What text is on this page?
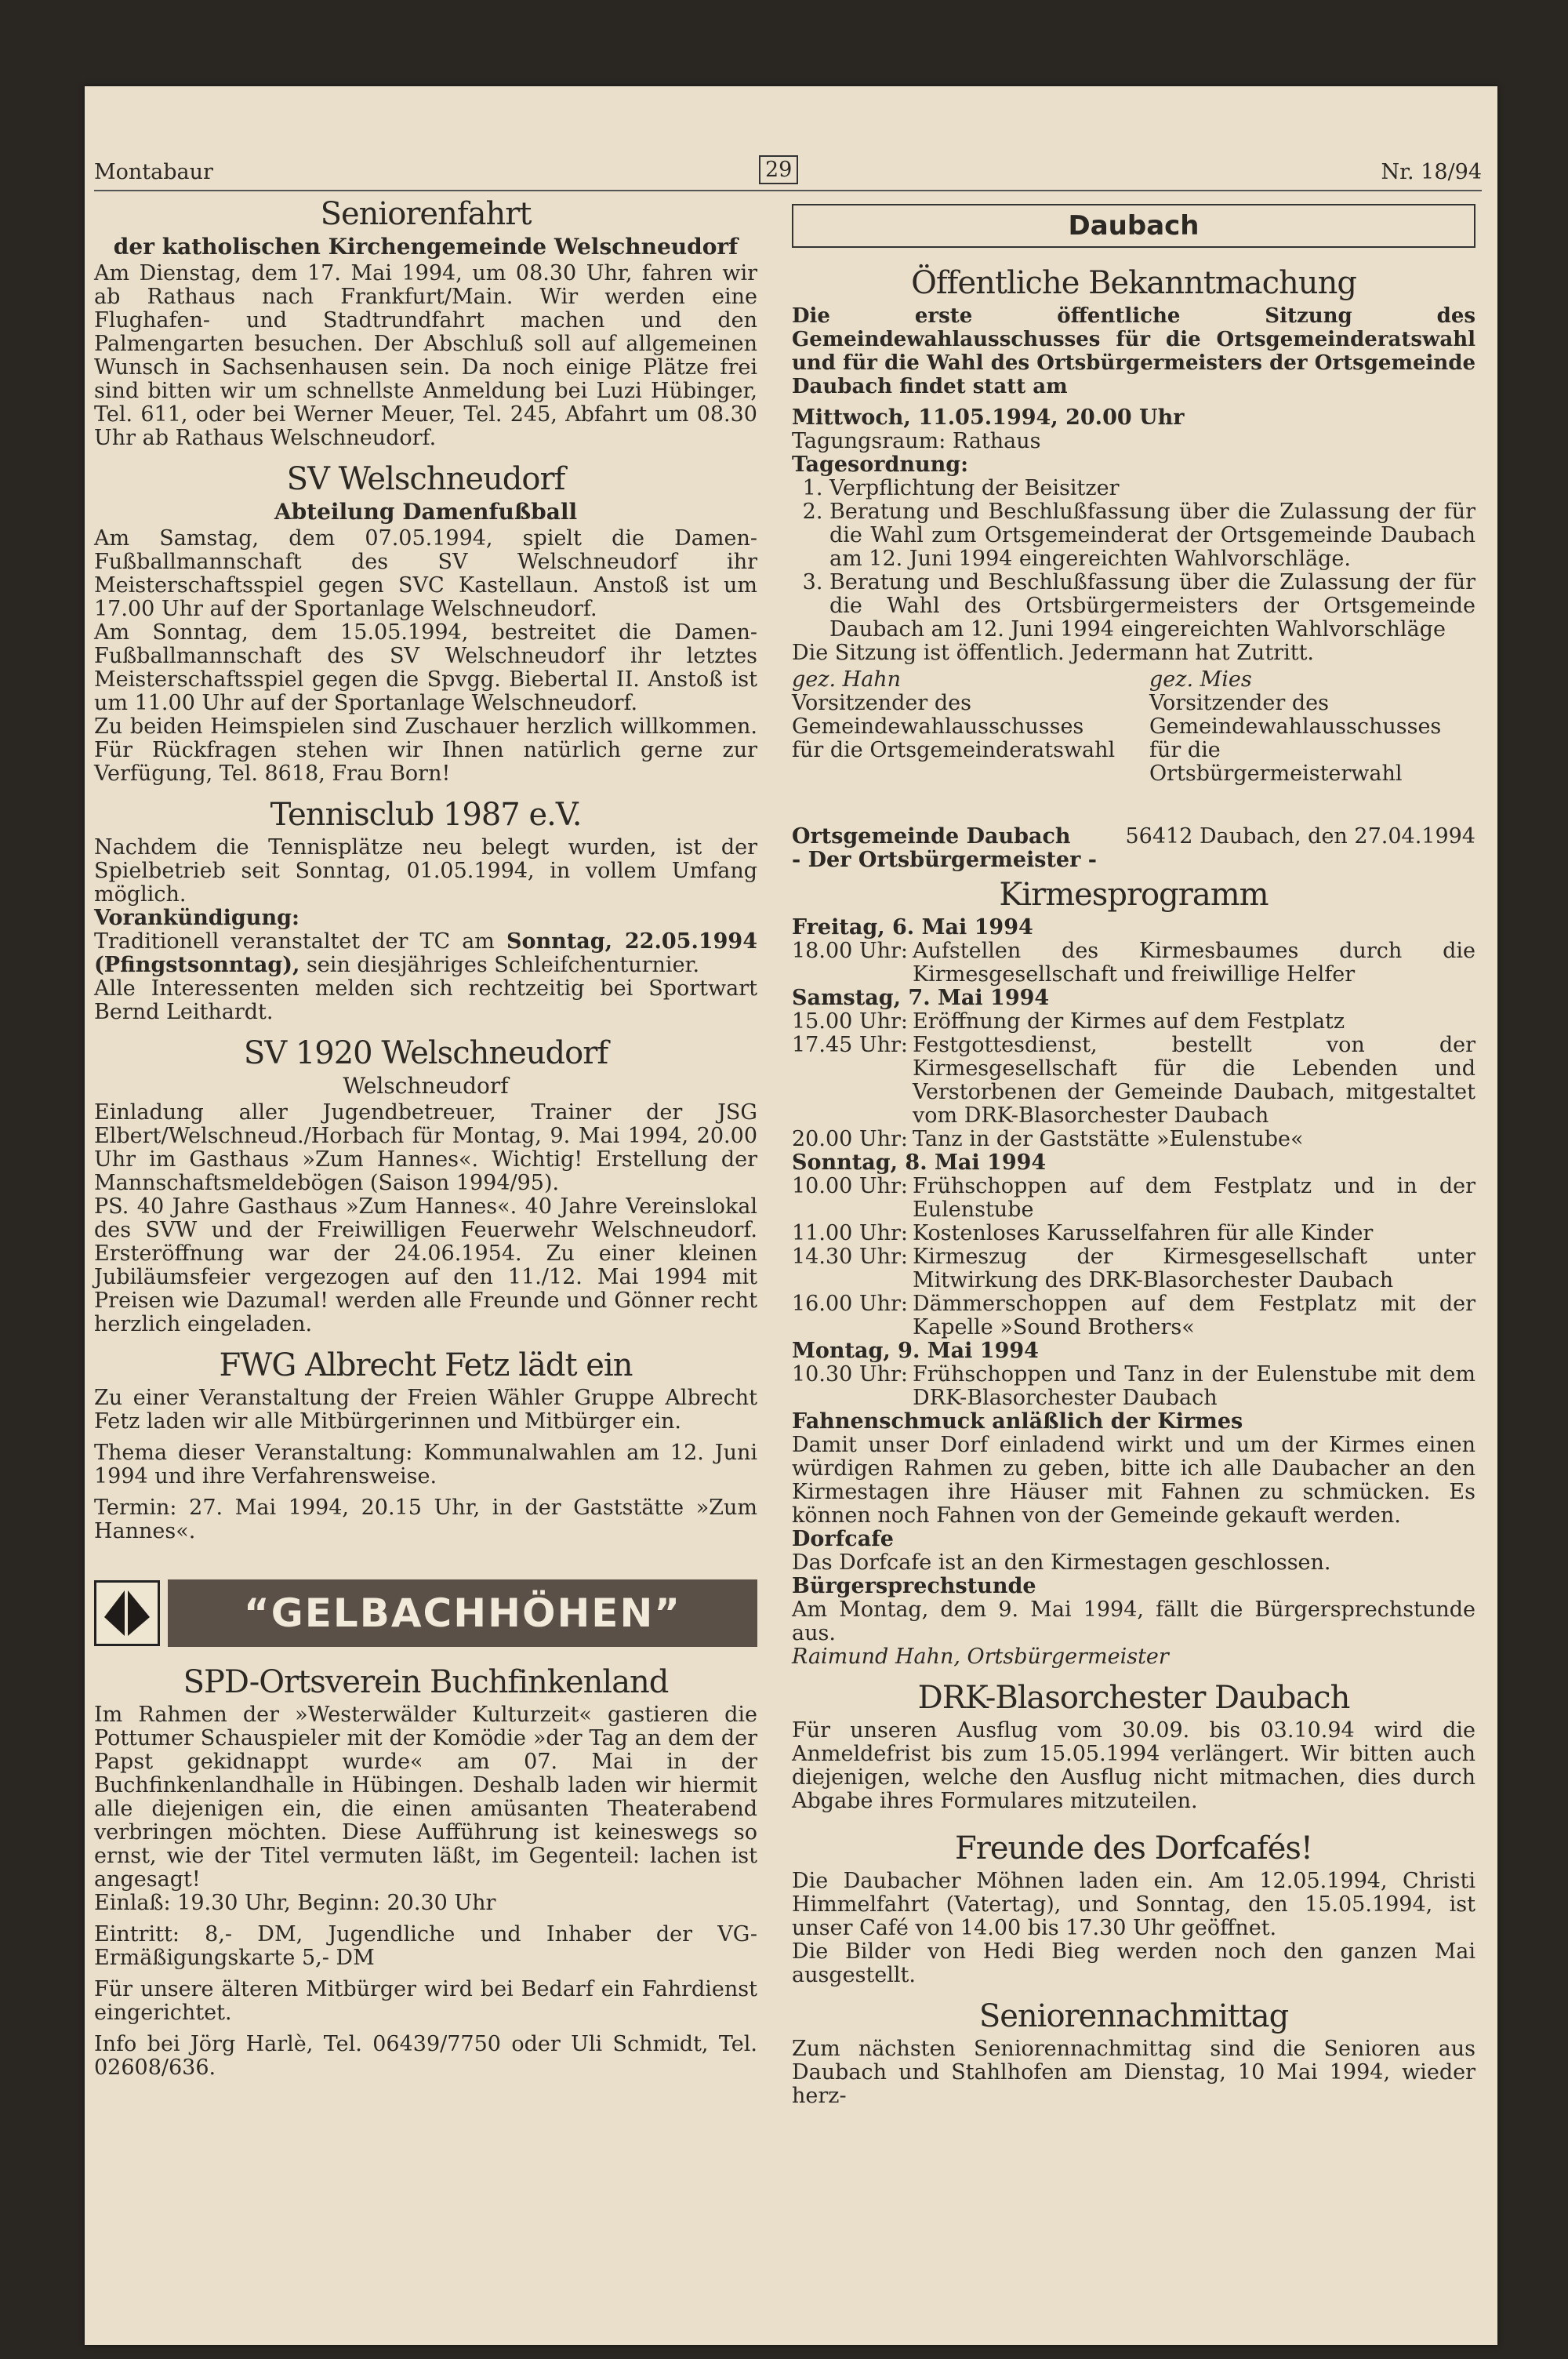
Montabaur	29	Nr. 18/94
Seniorenfahrt
der katholischen Kirchengemeinde Welschneudorf

Am Dienstag, dem 17. Mai 1994, um 08.30 Uhr, fahren wir ab Rathaus nach Frankfurt/Main. Wir werden eine Flughafen- und Stadtrundfahrt machen und den Palmengarten besuchen. Der Abschluß soll auf allgemeinen Wunsch in Sachsenhausen sein. Da noch einige Plätze frei sind bitten wir um schnellste Anmeldung bei Luzi Hübinger, Tel. 611, oder bei Werner Meuer, Tel. 245, Abfahrt um 08.30 Uhr ab Rathaus Welschneudorf.

SV Welschneudorf
Abteilung Damenfußball

Am Samstag, dem 07.05.1994, spielt die Damen-Fußballmannschaft des SV Welschneudorf ihr Meisterschaftsspiel gegen SVC Kastellaun. Anstoß ist um 17.00 Uhr auf der Sportanlage Welschneudorf.

Am Sonntag, dem 15.05.1994, bestreitet die Damen-Fußballmannschaft des SV Welschneudorf ihr letztes Meisterschaftsspiel gegen die Spvgg. Biebertal II. Anstoß ist um 11.00 Uhr auf der Sportanlage Welschneudorf.

Zu beiden Heimspielen sind Zuschauer herzlich willkommen. Für Rückfragen stehen wir Ihnen natürlich gerne zur Verfügung, Tel. 8618, Frau Born!

Tennisclub 1987 e.V.

Nachdem die Tennisplätze neu belegt wurden, ist der Spielbetrieb seit Sonntag, 01.05.1994, in vollem Umfang möglich.

Vorankündigung:

Traditionell veranstaltet der TC am Sonntag, 22.05.1994 (Pfingstsonntag), sein diesjähriges Schleifchenturnier.

Alle Interessenten melden sich rechtzeitig bei Sportwart Bernd Leithardt.

SV 1920 Welschneudorf
Welschneudorf

Einladung aller Jugendbetreuer, Trainer der JSG Elbert/Welschneud./Horbach für Montag, 9. Mai 1994, 20.00 Uhr im Gasthaus »Zum Hannes«. Wichtig! Erstellung der Mannschaftsmeldebögen (Saison 1994/95).

PS. 40 Jahre Gasthaus »Zum Hannes«. 40 Jahre Vereinslokal des SVW und der Freiwilligen Feuerwehr Welschneudorf. Ersteröffnung war der 24.06.1954. Zu einer kleinen Jubiläumsfeier vergezogen auf den 11./12. Mai 1994 mit Preisen wie Dazumal! werden alle Freunde und Gönner recht herzlich eingeladen.

FWG Albrecht Fetz lädt ein

Zu einer Veranstaltung der Freien Wähler Gruppe Albrecht Fetz laden wir alle Mitbürgerinnen und Mitbürger ein.

Thema dieser Veranstaltung: Kommunalwahlen am 12. Juni 1994 und ihre Verfahrensweise.

Termin: 27. Mai 1994, 20.15 Uhr, in der Gaststätte »Zum Hannes«.

“GELBACHHÖHEN”
SPD-Ortsverein Buchfinkenland

Im Rahmen der »Westerwälder Kulturzeit« gastieren die Pottumer Schauspieler mit der Komödie »der Tag an dem der Papst gekidnappt wurde« am 07. Mai in der Buchfinkenlandhalle in Hübingen. Deshalb laden wir hiermit alle diejenigen ein, die einen amüsanten Theaterabend verbringen möchten. Diese Aufführung ist keineswegs so ernst, wie der Titel vermuten läßt, im Gegenteil: lachen ist angesagt!

Einlaß: 19.30 Uhr, Beginn: 20.30 Uhr

Eintritt: 8,- DM, Jugendliche und Inhaber der VG-Ermäßigungskarte 5,- DM

Für unsere älteren Mitbürger wird bei Bedarf ein Fahrdienst eingerichtet.

Info bei Jörg Harlè, Tel. 06439/7750 oder Uli Schmidt, Tel. 02608/636.

Daubach
Öffentliche Bekanntmachung

Die erste öffentliche Sitzung des Gemeindewahlausschusses für die Ortsgemeinderatswahl und für die Wahl des Ortsbürgermeisters der Ortsgemeinde Daubach findet statt am

Mittwoch, 11.05.1994, 20.00 Uhr

Tagungsraum: Rathaus

Tagesordnung:

1. Verpflichtung der Beisitzer
2. Beratung und Beschlußfassung über die Zulassung der für die Wahl zum Ortsgemeinderat der Ortsgemeinde Daubach am 12. Juni 1994 eingereichten Wahlvorschläge.
3. Beratung und Beschlußfassung über die Zulassung der für die Wahl des Ortsbürgermeisters der Ortsgemeinde Daubach am 12. Juni 1994 eingereichten Wahlvorschläge

Die Sitzung ist öffentlich. Jedermann hat Zutritt.

gez. Hahn
Vorsitzender des Gemeindewahlausschusses für die Ortsgemeinderatswahl
gez. Mies
Vorsitzender des Gemeindewahlausschusses für die Ortsbürgermeisterwahl
Ortsgemeinde Daubach	56412 Daubach, den 27.04.1994

- Der Ortsbürgermeister -

Kirmesprogramm

Freitag, 6. Mai 1994

18.00 Uhr: Aufstellen des Kirmesbaumes durch die Kirmesgesellschaft und freiwillige Helfer

Samstag, 7. Mai 1994

15.00 Uhr: Eröffnung der Kirmes auf dem Festplatz
17.45 Uhr: Festgottesdienst, bestellt von der Kirmesgesellschaft für die Lebenden und Verstorbenen der Gemeinde Daubach, mitgestaltet vom DRK-Blasorchester Daubach
20.00 Uhr: Tanz in der Gaststätte »Eulenstube«

Sonntag, 8. Mai 1994

10.00 Uhr: Frühschoppen auf dem Festplatz und in der Eulenstube
11.00 Uhr: Kostenloses Karusselfahren für alle Kinder
14.30 Uhr: Kirmeszug der Kirmesgesellschaft unter Mitwirkung des DRK-Blasorchester Daubach
16.00 Uhr: Dämmerschoppen auf dem Festplatz mit der Kapelle »Sound Brothers«

Montag, 9. Mai 1994

10.30 Uhr: Frühschoppen und Tanz in der Eulenstube mit dem DRK-Blasorchester Daubach

Fahnenschmuck anläßlich der Kirmes

Damit unser Dorf einladend wirkt und um der Kirmes einen würdigen Rahmen zu geben, bitte ich alle Daubacher an den Kirmestagen ihre Häuser mit Fahnen zu schmücken. Es können noch Fahnen von der Gemeinde gekauft werden.

Dorfcafe

Das Dorfcafe ist an den Kirmestagen geschlossen.

Bürgersprechstunde

Am Montag, dem 9. Mai 1994, fällt die Bürgersprechstunde aus.

Raimund Hahn, Ortsbürgermeister

DRK-Blasorchester Daubach

Für unseren Ausflug vom 30.09. bis 03.10.94 wird die Anmeldefrist bis zum 15.05.1994 verlängert. Wir bitten auch diejenigen, welche den Ausflug nicht mitmachen, dies durch Abgabe ihres Formulares mitzuteilen.

Freunde des Dorfcafés!

Die Daubacher Möhnen laden ein. Am 12.05.1994, Christi Himmelfahrt (Vatertag), und Sonntag, den 15.05.1994, ist unser Café von 14.00 bis 17.30 Uhr geöffnet.

Die Bilder von Hedi Bieg werden noch den ganzen Mai ausgestellt.

Seniorennachmittag

Zum nächsten Seniorennachmittag sind die Senioren aus Daubach und Stahlhofen am Dienstag, 10 Mai 1994, wieder herz-
